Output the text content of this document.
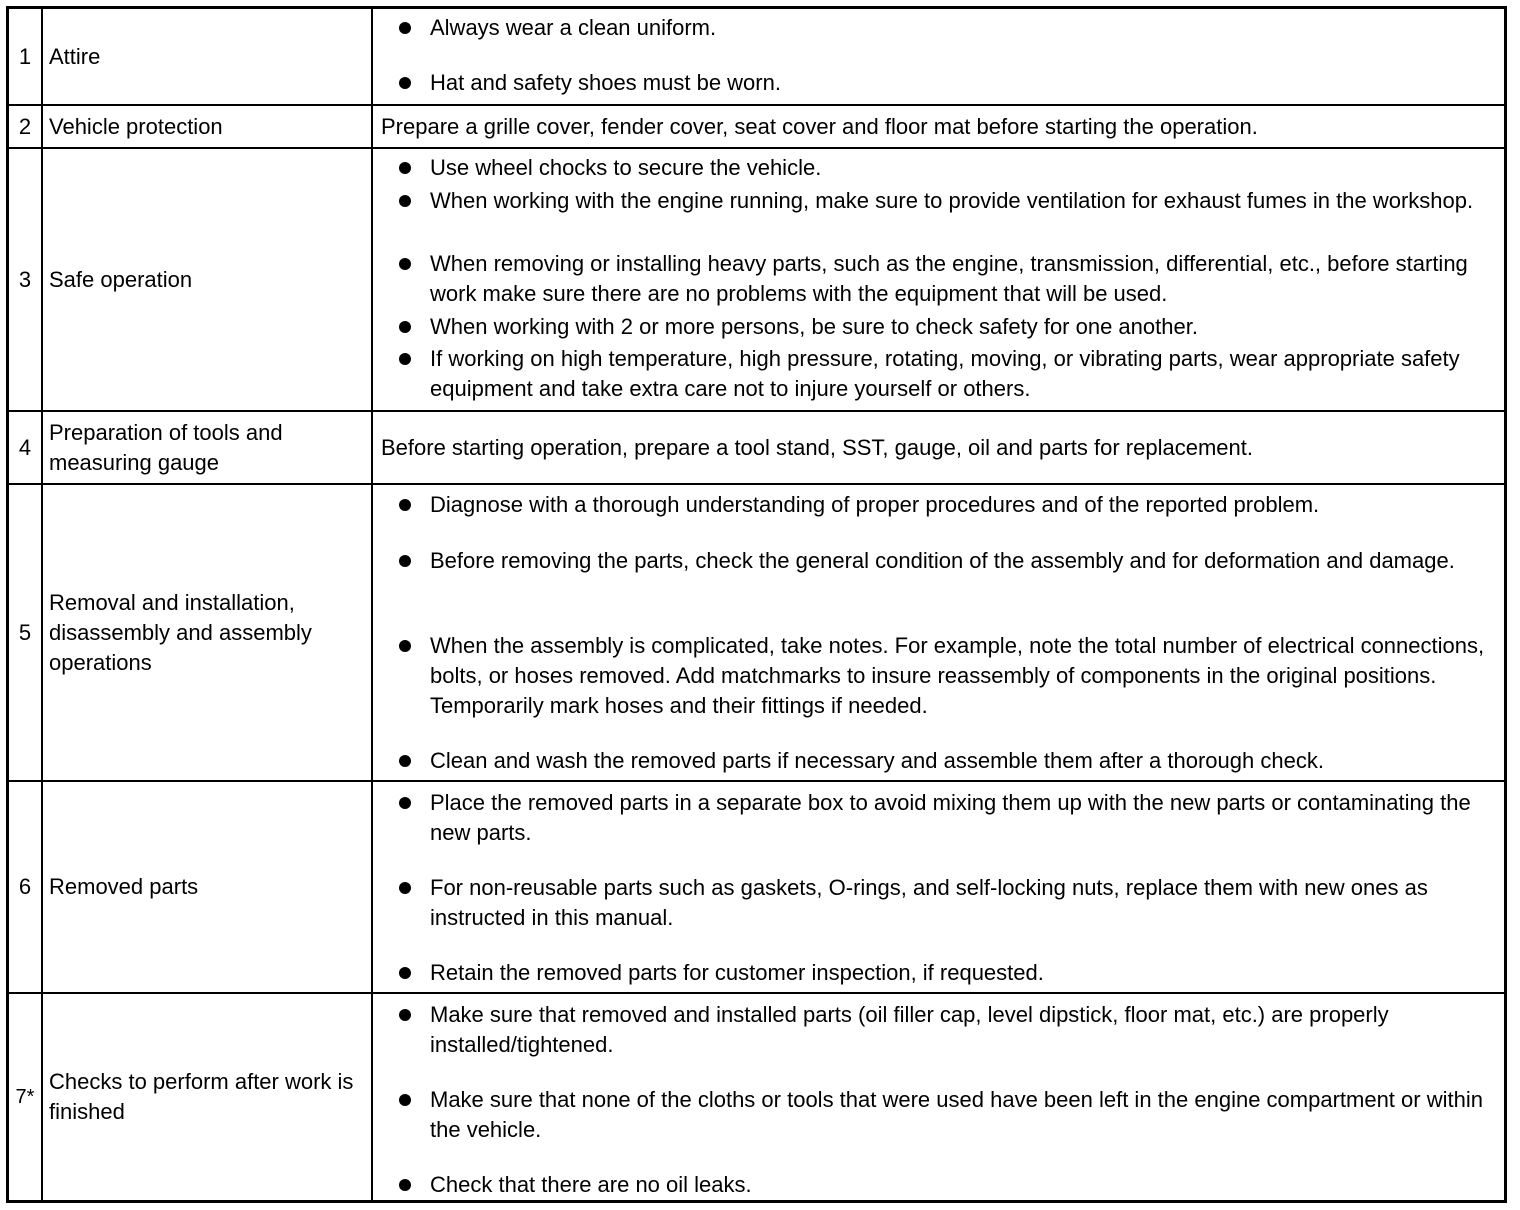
1 Attire
Always wear a clean uniform.
Hat and safety shoes must be worn.
2 Vehicle protection	Prepare a grille cover, fender cover, seat cover and floor mat before starting the operation.
3 Safe operation
Use wheel chocks to secure the vehicle.
When working with the engine running, make sure to provide ventilation for exhaust fumes in the workshop.
When removing or installing heavy parts, such as the engine, transmission, differential, etc., before starting work make sure there are no problems with the equipment that will be used.
When working with 2 or more persons, be sure to check safety for one another.
If working on high temperature, high pressure, rotating, moving, or vibrating parts, wear appropriate safety equipment and take extra care not to injure yourself or others.
4
Preparation of tools and measuring gauge
Before starting operation, prepare a tool stand, SST, gauge, oil and parts for replacement.
5
Removal and installation, disassembly and assembly operations
Diagnose with a thorough understanding of proper procedures and of the reported problem.
Before removing the parts, check the general condition of the assembly and for deformation and damage.
When the assembly is complicated, take notes. For example, note the total number of electrical connections, bolts, or hoses removed. Add matchmarks to insure reassembly of components in the original positions. Temporarily mark hoses and their fittings if needed.
Clean and wash the removed parts if necessary and assemble them after a thorough check.
6 Removed parts
Place the removed parts in a separate box to avoid mixing them up with the new parts or contaminating the new parts.
For non-reusable parts such as gaskets, O-rings, and self-locking nuts, replace them with new ones as instructed in this manual.
Retain the removed parts for customer inspection, if requested.
7*
Checks to perform after work is finished
Make sure that removed and installed parts (oil filler cap, level dipstick, floor mat, etc.) are properly installed/tightened.
Make sure that none of the cloths or tools that were used have been left in the engine compartment or within the vehicle.
Check that there are no oil leaks.
